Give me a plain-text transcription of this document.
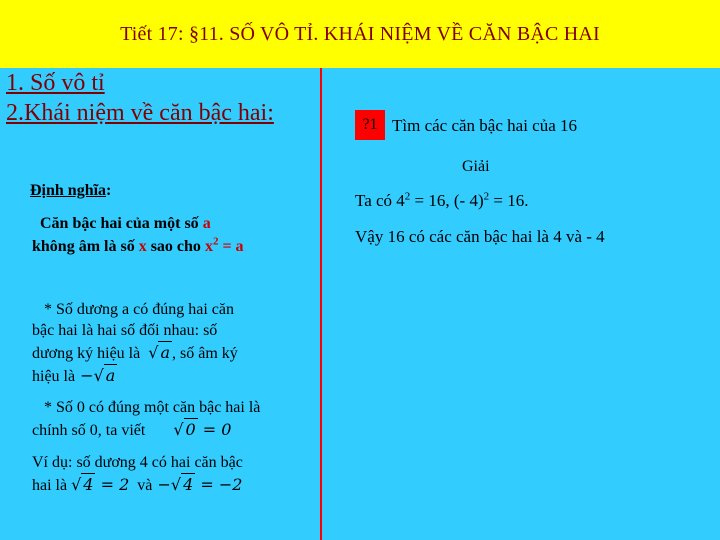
Tiết 17: §11. SỐ VÔ TỈ. KHÁI NIỆM VỀ CĂN BẬC HAI
1. Số vô tỉ
2.Khái niệm về căn bậc hai:
Định nghĩa:
Căn bậc hai của một số a
không âm là số x sao cho $x^2 = a$
* Số dương a có đúng hai căn
bậc hai là hai số đối nhau: số
dương ký hiệu là √ a , số âm ký
hiệu là −√ a
* Số 0 có đúng một căn bậc hai là
chính số 0, ta viết √ 0 = 0
Ví dụ: số dương 4 có hai căn bậc
hai là √ 4 = 2 và −√ 4 = −2
?1 Tìm các căn bậc hai của 16
Giải
Ta có $4^2 = 16$, (- 4)$^2$ = 16.
Vậy 16 có các căn bậc hai là 4 và - 4
